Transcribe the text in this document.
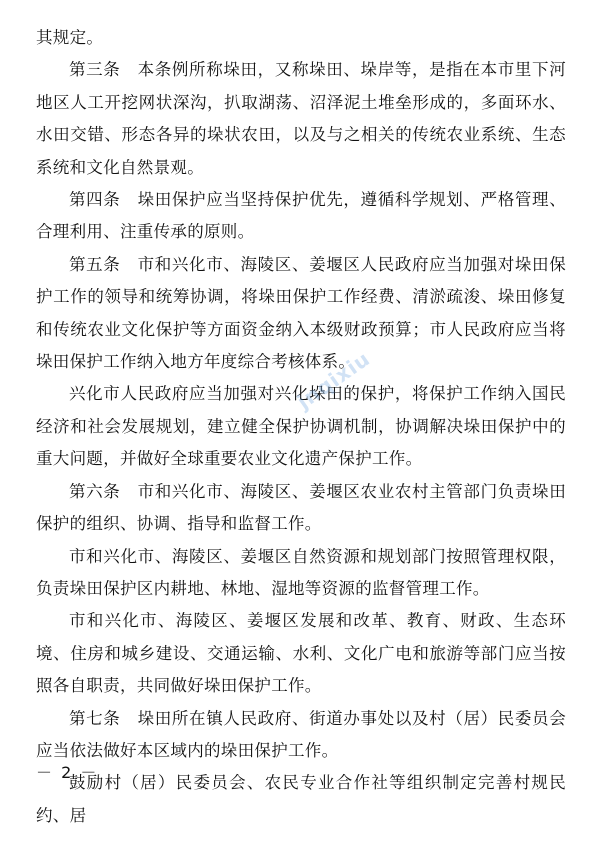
其规定。

第三条　本条例所称垛田，又称垛田、垛岸等，是指在本市里下河地区人工开挖网状深沟，扒取湖荡、沼泽泥土堆垒形成的，多面环水、水田交错、形态各异的垛状农田，以及与之相关的传统农业系统、生态系统和文化自然景观。

第四条　垛田保护应当坚持保护优先，遵循科学规划、严格管理、合理利用、注重传承的原则。

第五条　市和兴化市、海陵区、姜堰区人民政府应当加强对垛田保护工作的领导和统筹协调，将垛田保护工作经费、清淤疏浚、垛田修复和传统农业文化保护等方面资金纳入本级财政预算；市人民政府应当将垛田保护工作纳入地方年度综合考核体系。

兴化市人民政府应当加强对兴化垛田的保护，将保护工作纳入国民经济和社会发展规划，建立健全保护协调机制，协调解决垛田保护中的重大问题，并做好全球重要农业文化遗产保护工作。

第六条　市和兴化市、海陵区、姜堰区农业农村主管部门负责垛田保护的组织、协调、指导和监督工作。

市和兴化市、海陵区、姜堰区自然资源和规划部门按照管理权限，负责垛田保护区内耕地、林地、湿地等资源的监督管理工作。

市和兴化市、海陵区、姜堰区发展和改革、教育、财政、生态环境、住房和城乡建设、交通运输、水利、文化广电和旅游等部门应当按照各自职责，共同做好垛田保护工作。

第七条　垛田所在镇人民政府、街道办事处以及村（居）民委员会应当依法做好本区域内的垛田保护工作。

鼓励村（居）民委员会、农民专业合作社等组织制定完善村规民约、居

jnqixiu
－ 2 －
